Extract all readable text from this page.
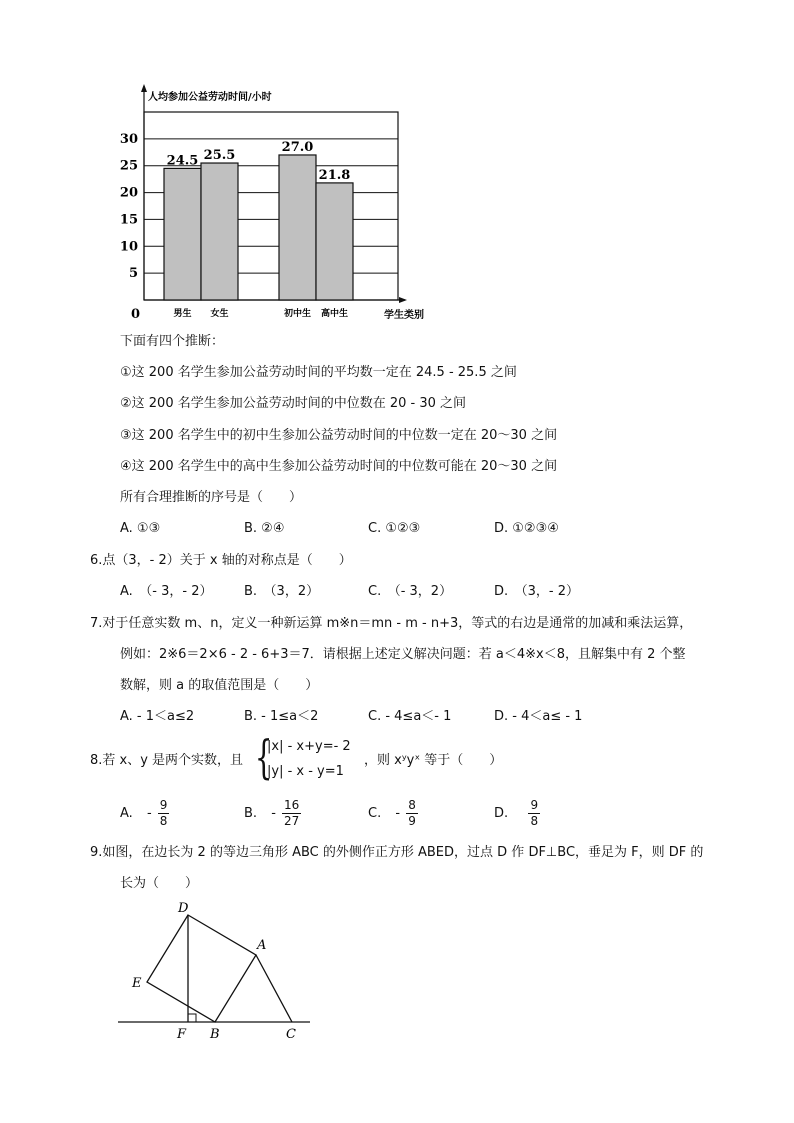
5
10
15
20
25
30
人均参加公益劳动时间/小时
学生类别
0
24.5
男生
25.5
女生
27.0
初中生
21.8
高中生
下面有四个推断：
①这 200 名学生参加公益劳动时间的平均数一定在 24.5 - 25.5 之间
②这 200 名学生参加公益劳动时间的中位数在 20 - 30 之间
③这 200 名学生中的初中生参加公益劳动时间的中位数一定在 20～30 之间
④这 200 名学生中的高中生参加公益劳动时间的中位数可能在 20～30 之间
所有合理推断的序号是（　　）
A. ①③	B. ②④	C. ①②③	D. ①②③④
6.点（3，- 2）关于 x 轴的对称点是（　　）
A.　（- 3，- 2） B.　（3，2）	C.　（- 3，2）	D.　（3，- 2）
7.对于任意实数 m、n，定义一种新运算 m※n＝mn - m - n+3，等式的右边是通常的加减和乘法运算，
例如：2※6＝2×6 - 2 - 6+3＝7．请根据上述定义解决问题：若 a＜4※x＜8，且解集中有 2 个整
数解，则 a 的取值范围是（　　）
A. - 1＜a≤2	B. - 1≤a＜2	C. - 4≤a＜- 1	D. - 4＜a≤ - 1
8.若 x、y 是两个实数，且 {
|x| - x+y=- 2
|y| - x - y=1
，则 xʸyˣ 等于（　　）
A. - $\frac{9}{8}$	B. - $\frac{16}{27}$	C. - $\frac{8}{9}$	D. $\frac{9}{8}$
9.如图，在边长为 2 的等边三角形 ABC 的外侧作正方形 ABED，过点 D 作 DF⊥BC，垂足为 F，则 DF 的
长为（　　）
D
A
E
F B	C
